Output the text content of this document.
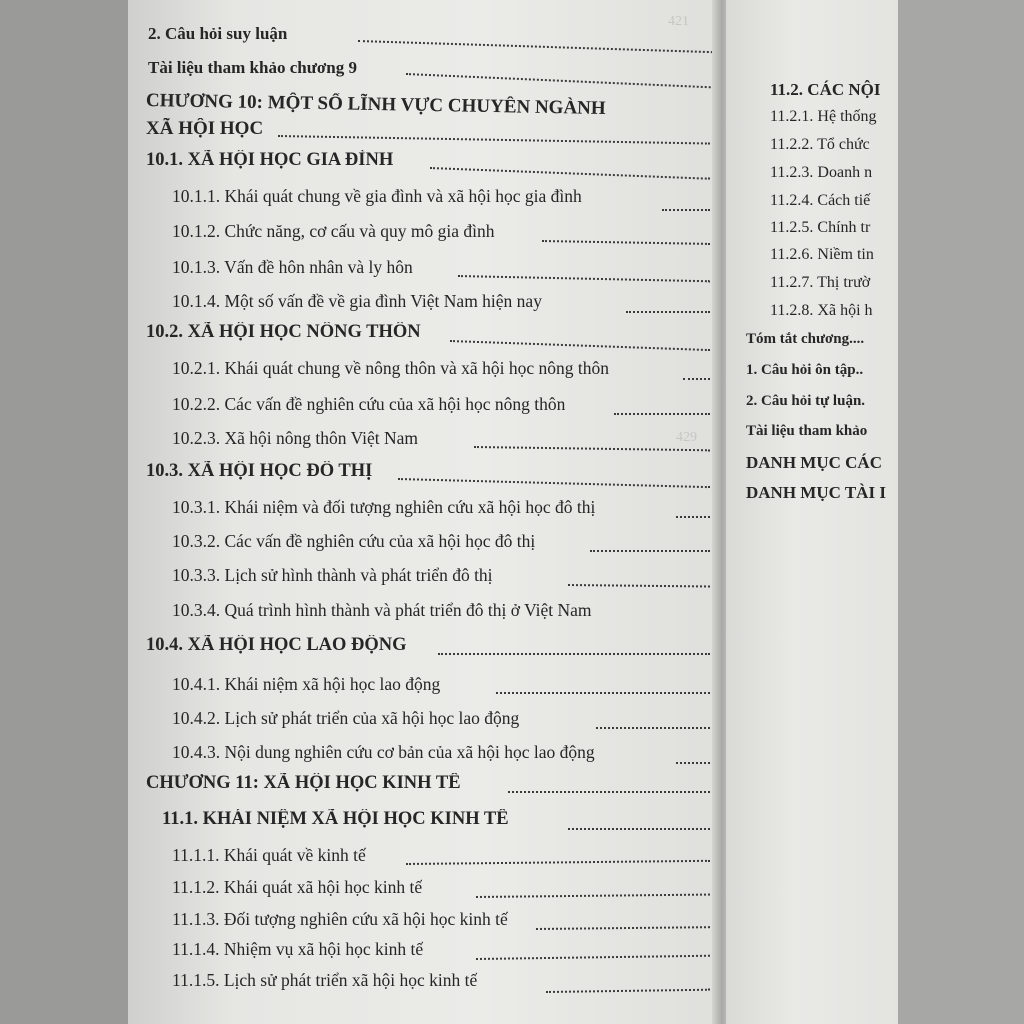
421
429
2. Câu hỏi suy luận
Tài liệu tham khảo chương 9
CHƯƠNG 10: MỘT SỐ LĨNH VỰC CHUYÊN NGÀNH
XÃ HỘI HỌC
10.1. XÃ HỘI HỌC GIA ĐÌNH
10.1.1. Khái quát chung về gia đình và xã hội học gia đình
10.1.2. Chức năng, cơ cấu và quy mô gia đình
10.1.3. Vấn đề hôn nhân và ly hôn
10.1.4. Một số vấn đề về gia đình Việt Nam hiện nay
10.2. XÃ HỘI HỌC NÔNG THÔN
10.2.1. Khái quát chung về nông thôn và xã hội học nông thôn
10.2.2. Các vấn đề nghiên cứu của xã hội học nông thôn
10.2.3. Xã hội nông thôn Việt Nam
10.3. XÃ HỘI HỌC ĐÔ THỊ
10.3.1. Khái niệm và đối tượng nghiên cứu xã hội học đô thị
10.3.2. Các vấn đề nghiên cứu của xã hội học đô thị
10.3.3. Lịch sử hình thành và phát triển đô thị
10.3.4. Quá trình hình thành và phát triển đô thị ở Việt Nam
10.4. XÃ HỘI HỌC LAO ĐỘNG
10.4.1. Khái niệm xã hội học lao động
10.4.2. Lịch sử phát triển của xã hội học lao động
10.4.3. Nội dung nghiên cứu cơ bản của xã hội học lao động
CHƯƠNG 11: XÃ HỘI HỌC KINH TẾ
11.1. KHÁI NIỆM XÃ HỘI HỌC KINH TẾ
11.1.1. Khái quát về kinh tế
11.1.2. Khái quát xã hội học kinh tế
11.1.3. Đối tượng nghiên cứu xã hội học kinh tế
11.1.4. Nhiệm vụ xã hội học kinh tế
11.1.5. Lịch sử phát triển xã hội học kinh tế
11.2. CÁC NỘI
11.2.1. Hệ thống
11.2.2. Tổ chức
11.2.3. Doanh n
11.2.4. Cách tiế
11.2.5. Chính tr
11.2.6. Niềm tin
11.2.7. Thị trườ
11.2.8. Xã hội h
Tóm tắt chương....
1. Câu hỏi ôn tập..
2. Câu hỏi tự luận.
Tài liệu tham khảo
DANH MỤC CÁC
DANH MỤC TÀI I
